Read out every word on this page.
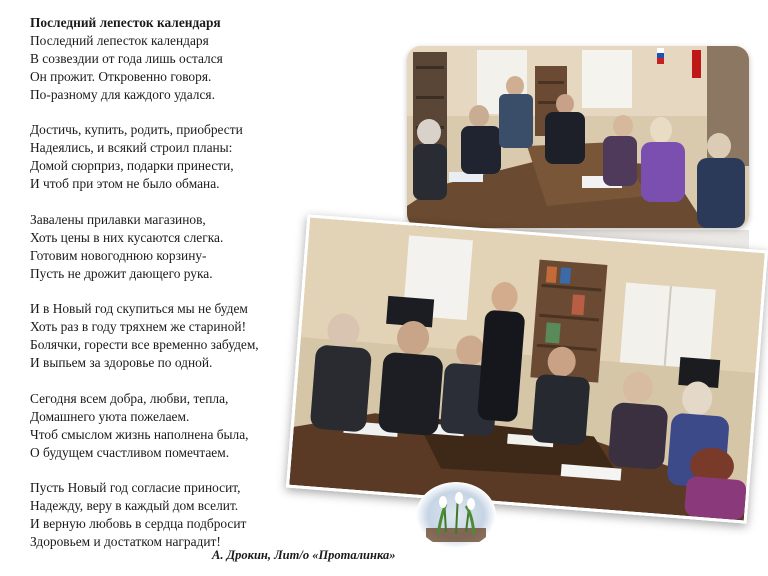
Последний лепесток календаря

Последний лепесток календаря
В созвездии от года лишь остался
Он прожит. Откровенно говоря.
По-разному для каждого удался.
Достичь, купить, родить, приобрести
Надеялись, и всякий строил планы:
Домой сюрприз, подарки принести,
И чтоб при этом не было обмана.
Завалены прилавки магазинов,
Хоть цены в них кусаются слегка.
Готовим новогоднюю корзину-
Пусть не дрожит дающего рука.
И в Новый год скупиться мы не будем
Хоть раз в году тряхнем же стариной!
Болячки, горести все временно забудем,
И выпьем за здоровье по одной.
Сегодня всем добра, любви, тепла,
Домашнего уюта пожелаем.
Чтоб смыслом жизнь наполнена была,
О будущем счастливом помечтаем.
Пусть Новый год согласие приносит,
Надежду, веру в каждый дом вселит.
И верную любовь в сердца подбросит
Здоровьем и достатком наградит!
А. Дрокин, Лит/о «Проталинка»
